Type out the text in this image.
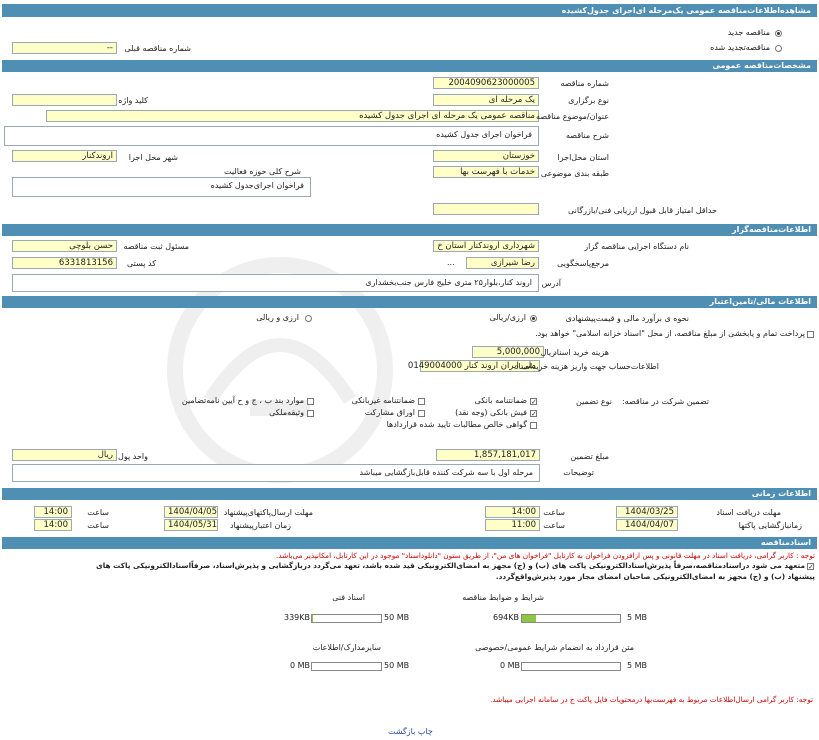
مشاهده‌اطلاعات‌مناقصه عمومی یک‌مرحله ای‌اجرای جدول‌کشیده
مناقصه جدید
مناقصه‌تجدید شده
شماره مناقصه قبلی
--
مشخصات‌مناقصه عمومی
2004090623000005	شماره مناقصه
یک مرحله ای	نوع برگزاری
کلید واژه
مناقصه عمومی یک مرحله ای اجرای جدول کشیده عنوان/موضوع مناقصه
فراخوان اجرای جدول کشیده	شرح مناقصه
خوزستان	استان محل‌اجرا
اروندکنار	شهر محل اجرا
خدمات با فهرست بها طبقه بندی موضوعی
شرح کلی حوزه فعالیت
فراخوان اجرای‌جدول کشیده
حداقل امتیاز قابل قبول ارزیابی فنی/بازرگانی
اطلاعات‌مناقصه‌گزار
شهرداری اروندکنار استان خ	نام دستگاه اجرایی مناقصه گزار
حسن بلوچی	مسئول ثبت مناقصه
رضا شیرازی
...	مرجع‌پاسخگویی
6331813156	کد پستی
اروند کنار،بلوار۲۵ متری خلیج فارس جنب‌بخشداری	آدرس
اطلاعات مالی/تامین‌اعتبار
نحوه ی برآورد مالی و قیمت‌پیشنهادی
ارزی/ریالی
ارزی و ریالی
پرداخت تمام و یابخشی از مبلغ مناقصه، از محل "اسناد خزانه اسلامی" خواهد بود.
5,000,000 ریال
هزینه خرید اسناد
ملی ایران اروند کنار 0149004000
اطلاعات‌حساب جهت واریز هزینه خریداسناد
تضمین شرکت در مناقصه:
نوع تضمین
✓
ضمانتنامه بانکی
ضمانتنامه غیربانکی
موارد بند ب ، ج و ح آیین نامه‌تضامین
✓
فیش بانکی (وجه نقد)
اوراق مشارکت
وثیقه‌ملکی
گواهی خالص مطالبات تایید شده قراردادها
1,857,181,017	مبلغ تضمین
ریال واحد پول
مرحله اول با سه شرکت کننده قابل‌بازگشایی میباشد	توضیحات
اطلاعات زمانی
1404/03/25	مهلت دریافت اسناد
14:00 ساعت
1404/04/05 مهلت ارسال‌پاکتهای‌پیشنهاد
14:00	ساعت
1404/04/07	زمانبازگشایی پاکتها
11:00 ساعت
1404/05/31 زمان اعتبارپیشنهاد
14:00	ساعت
اسنادمناقصه
توجه : کاربر گرامی، دریافت اسناد در مهلت قانونی و پس ازافزودن فراخوان به کارتابل "فراخوان های من"، از طریق ستون "دانلوداسناد" موجود در این کارتابل، امکانپذیر می‌باشد.
✓
متعهد می شود دراسنادمناقصه،صرفاً پذیرش‌اسنادالکترونیکی پاکت های (ب) و (ج) مجهز به امضای‌الکترونیکی قید شده باشد، تعهد می‌گردد دربازگشایی و پذیرش‌اسناد، صرفاًاسنادالکترونیکی پاکت های
پیشنهاد (ب) و (ج) مجهز به امضای‌الکترونیکی صاحبان امضای مجاز مورد پذیرش‌واقع‌گردد.
شرایط و ضوابط مناقصه
694KB	5 MB
اسناد فنی
339KB	50 MB
متن قرارداد به انضمام شرایط عمومی/خصوصی
0 MB	5 MB
سایرمدارک/اطلاعات
0 MB	50 MB
توجه: کاربر گرامی ارسال‌اطلاعات مربوط به فهرست‌بها درمحتویات فایل پاکت ج در سامانه اجرایی میباشد.
چاپ بازگشت
